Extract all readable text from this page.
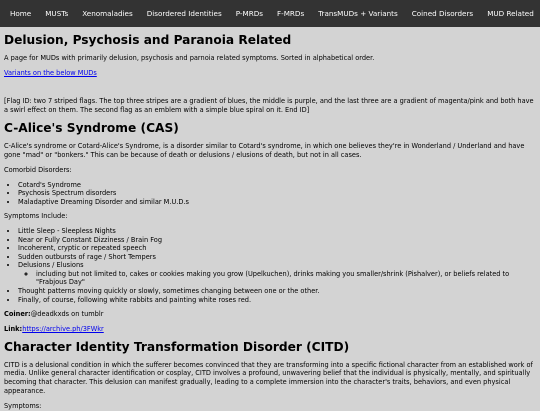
Home	MUSTs	Xenomaladies	Disordered Identities	P-MRDs	F-MRDs	TransMUDs + Variants	Coined Disorders	MUD Related
Delusion, Psychosis and Paranoia Related

A page for MUDs with primarily delusion, psychosis and parnoia related symptoms. Sorted in alphabetical order.

Variants on the below MUDs

[Flag ID: two 7 striped flags. The top three stripes are a gradient of blues, the middle is purple, and the last three are a gradient of magenta/pink and both have a swirl effect on them. The second flag as an emblem with a simple blue spiral on it. End ID]

C-Alice's Syndrome (CAS)

C-Alice's syndrome or Cotard-Alice's Syndrome, is a disorder similar to Cotard's syndrome, in which one believes they're in Wonderland / Underland and have gone "mad" or "bonkers." This can be because of death or delusions / elusions of death, but not in all cases.

Comorbid Disorders:

• Cotard's Syndrome
• Psychosis Spectrum disorders
• Maladaptive Dreaming Disorder and similar M.U.D.s

Symptoms Include:

• Little Sleep - Sleepless Nights
• Near or Fully Constant Dizziness / Brain Fog
• Incoherent, cryptic or repeated speech
• Sudden outbursts of rage / Short Tempers
• Delusions / Elusions
◦ including but not limited to, cakes or cookies making you grow (Upelkuchen), drinks making you smaller/shrink (Pishalver), or beliefs related to "Frabjous Day"
• Thought patterns moving quickly or slowly, sometimes changing between one or the other.
• Finally, of course, following white rabbits and painting white roses red.

Coiner:@deadkxds on tumblr

Link:https://archive.ph/3FWkr

Character Identity Transformation Disorder (CITD)

CITD is a delusional condition in which the sufferer becomes convinced that they are transforming into a specific fictional character from an established work of media. Unlike general character identification or cosplay, CITD involves a profound, unwavering belief that the individual is physically, mentally, and spiritually becoming that character. This delusion can manifest gradually, leading to a complete immersion into the character's traits, behaviors, and even physical appearance.

Symptoms:
